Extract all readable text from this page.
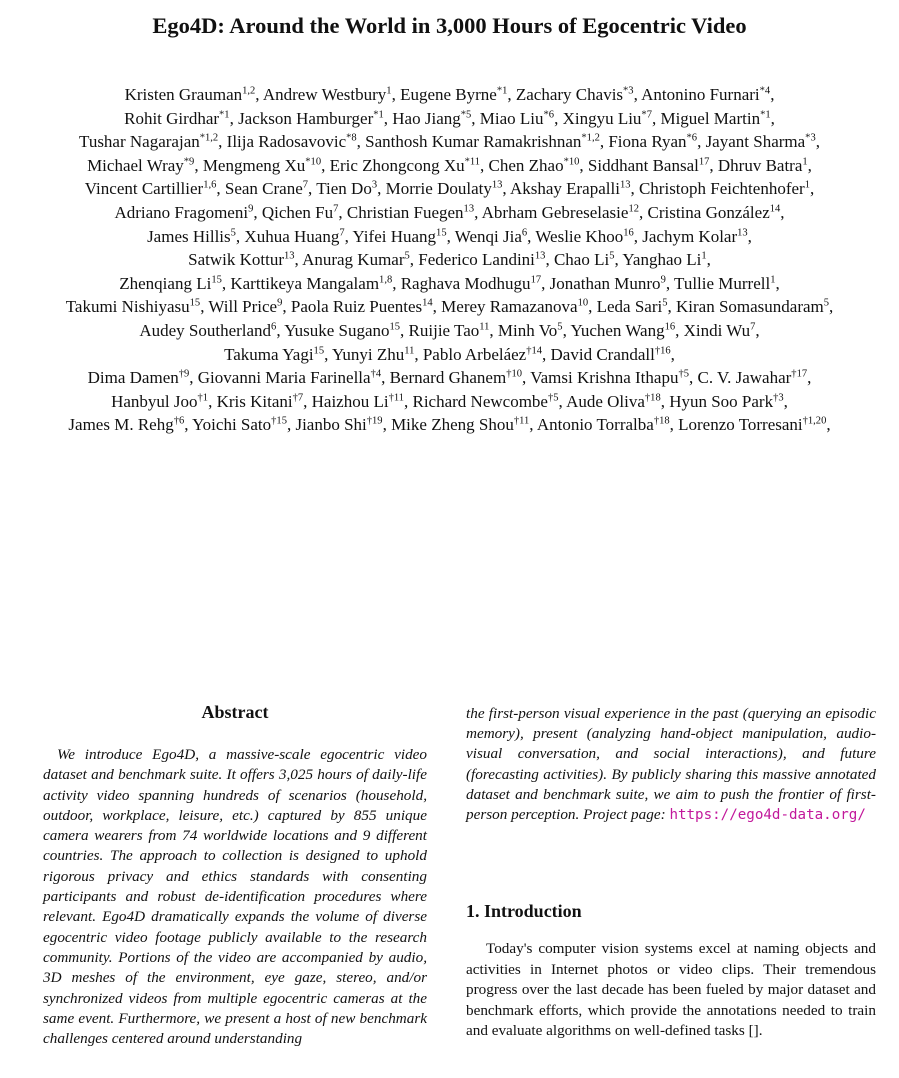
Ego4D: Around the World in 3,000 Hours of Egocentric Video
Kristen Grauman$^{1,2}$, Andrew Westbury$^1$, Eugene Byrne$^{*1}$, Zachary Chavis$^{*3}$, Antonino Furnari$^{*4}$,
Rohit Girdhar$^{*1}$, Jackson Hamburger$^{*1}$, Hao Jiang$^{*5}$, Miao Liu$^{*6}$, Xingyu Liu$^{*7}$, Miguel Martin$^{*1}$,
Tushar Nagarajan$^{*1,2}$, Ilija Radosavovic$^{*8}$, Santhosh Kumar Ramakrishnan$^{*1,2}$, Fiona Ryan$^{*6}$, Jayant Sharma$^{*3}$,
Michael Wray$^{*9}$, Mengmeng Xu$^{*10}$, Eric Zhongcong Xu$^{*11}$, Chen Zhao$^{*10}$, Siddhant Bansal$^{17}$, Dhruv Batra$^1$,
Vincent Cartillier$^{1,6}$, Sean Crane$^7$, Tien Do$^3$, Morrie Doulaty$^{13}$, Akshay Erapalli$^{13}$, Christoph Feichtenhofer$^1$,
Adriano Fragomeni$^9$, Qichen Fu$^7$, Christian Fuegen$^{13}$, Abrham Gebreselasie$^{12}$, Cristina González$^{14}$,
James Hillis$^5$, Xuhua Huang$^7$, Yifei Huang$^{15}$, Wenqi Jia$^6$, Weslie Khoo$^{16}$, Jachym Kolar$^{13}$,
Satwik Kottur$^{13}$, Anurag Kumar$^5$, Federico Landini$^{13}$, Chao Li$^5$, Yanghao Li$^1$,
Zhenqiang Li$^{15}$, Karttikeya Mangalam$^{1,8}$, Raghava Modhugu$^{17}$, Jonathan Munro$^9$, Tullie Murrell$^1$,
Takumi Nishiyasu$^{15}$, Will Price$^9$, Paola Ruiz Puentes$^{14}$, Merey Ramazanova$^{10}$, Leda Sari$^5$, Kiran Somasundaram$^5$,
Audey Southerland$^6$, Yusuke Sugano$^{15}$, Ruijie Tao$^{11}$, Minh Vo$^5$, Yuchen Wang$^{16}$, Xindi Wu$^7$,
Takuma Yagi$^{15}$, Yunyi Zhu$^{11}$, Pablo Arbeláez$^{\dagger 14}$, David Crandall$^{\dagger 16}$,
Dima Damen$^{\dagger 9}$, Giovanni Maria Farinella$^{\dagger 4}$, Bernard Ghanem$^{\dagger 10}$, Vamsi Krishna Ithapu$^{\dagger 5}$, C. V. Jawahar$^{\dagger 17}$,
Hanbyul Joo$^{\dagger 1}$, Kris Kitani$^{\dagger 7}$, Haizhou Li$^{\dagger 11}$, Richard Newcombe$^{\dagger 5}$, Aude Oliva$^{\dagger 18}$, Hyun Soo Park$^{\dagger 3}$,
James M. Rehg$^{\dagger 6}$, Yoichi Sato$^{\dagger 15}$, Jianbo Shi$^{\dagger 19}$, Mike Zheng Shou$^{\dagger 11}$, Antonio Torralba$^{\dagger 18}$, Lorenzo Torresani$^{\dagger 1,20}$,
Abstract

We introduce Ego4D, a massive-scale egocentric video dataset and benchmark suite. It offers 3,025 hours of daily-life activity video spanning hundreds of scenarios (household, outdoor, workplace, leisure, etc.) captured by 855 unique camera wearers from 74 worldwide locations and 9 different countries. The approach to collection is designed to uphold rigorous privacy and ethics standards with consenting participants and robust de-identification procedures where relevant. Ego4D dramatically expands the volume of diverse egocentric video footage publicly available to the research community. Portions of the video are accompanied by audio, 3D meshes of the environment, eye gaze, stereo, and/or synchronized videos from multiple egocentric cameras at the same event. Furthermore, we present a host of new benchmark challenges centered around understanding

the first-person visual experience in the past (querying an episodic memory), present (analyzing hand-object manipulation, audio-visual conversation, and social interactions), and future (forecasting activities). By publicly sharing this massive annotated dataset and benchmark suite, we aim to push the frontier of first-person perception. Project page: https://ego4d-data.org/

1. Introduction

Today's computer vision systems excel at naming objects and activities in Internet photos or video clips. Their tremendous progress over the last decade has been fueled by major dataset and benchmark efforts, which provide the annotations needed to train and evaluate algorithms on well-defined tasks [].
